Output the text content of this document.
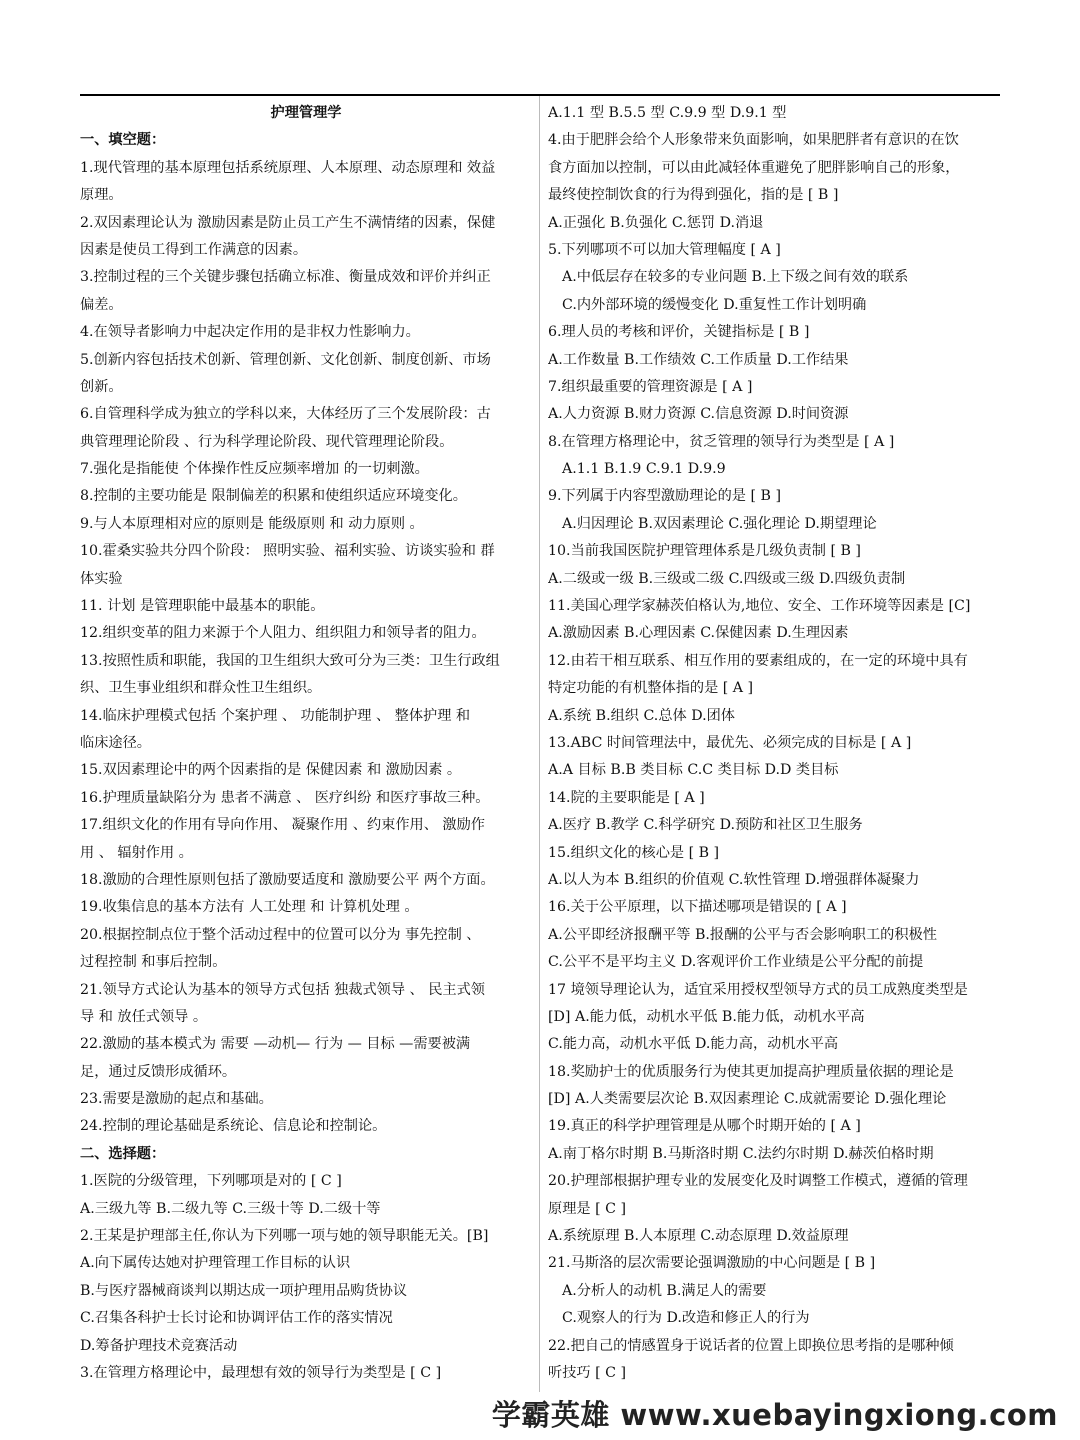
护理管理学
一、填空题：
1.现代管理的基本原理包括系统原理、人本原理、动态原理和 效益
原理。
2.双因素理论认为 激励因素是防止员工产生不满情绪的因素，保健
因素是使员工得到工作满意的因素。
3.控制过程的三个关键步骤包括确立标准、衡量成效和评价并纠正
偏差。
4.在领导者影响力中起决定作用的是非权力性影响力。
5.创新内容包括技术创新、管理创新、文化创新、制度创新、市场
创新。
6.自管理科学成为独立的学科以来，大体经历了三个发展阶段：古
典管理理论阶段 、行为科学理论阶段、现代管理理论阶段。
7.强化是指能使 个体操作性反应频率增加 的一切刺激。
8.控制的主要功能是 限制偏差的积累和使组织适应环境变化。
9.与人本原理相对应的原则是 能级原则 和 动力原则 。
10.霍桑实验共分四个阶段： 照明实验、福利实验、访谈实验和 群
体实验
11. 计划 是管理职能中最基本的职能。
12.组织变革的阻力来源于个人阻力、组织阻力和领导者的阻力。
13.按照性质和职能，我国的卫生组织大致可分为三类：卫生行政组
织、卫生事业组织和群众性卫生组织。
14.临床护理模式包括 个案护理 、 功能制护理 、 整体护理 和
临床途径。
15.双因素理论中的两个因素指的是 保健因素 和 激励因素 。
16.护理质量缺陷分为 患者不满意 、 医疗纠纷 和医疗事故三种。
17.组织文化的作用有导向作用、 凝聚作用 、约束作用、 激励作
用 、 辐射作用 。
18.激励的合理性原则包括了激励要适度和 激励要公平 两个方面。
19.收集信息的基本方法有 人工处理 和 计算机处理 。
20.根据控制点位于整个活动过程中的位置可以分为 事先控制 、
过程控制 和事后控制。
21.领导方式论认为基本的领导方式包括 独裁式领导 、 民主式领
导 和 放任式领导 。
22.激励的基本模式为 需要 —动机— 行为 — 目标 —需要被满
足，通过反馈形成循环。
23.需要是激励的起点和基础。
24.控制的理论基础是系统论、信息论和控制论。
二、选择题：
1.医院的分级管理，下列哪项是对的 [ C ]
A.三级九等 B.二级九等 C.三级十等 D.二级十等
2.王某是护理部主任,你认为下列哪一项与她的领导职能无关。[B]
A.向下属传达她对护理管理工作目标的认识
B.与医疗器械商谈判以期达成一项护理用品购货协议
C.召集各科护士长讨论和协调评估工作的落实情况
D.筹备护理技术竞赛活动
3.在管理方格理论中，最理想有效的领导行为类型是 [ C ]
A.1.1 型 B.5.5 型 C.9.9 型 D.9.1 型
4.由于肥胖会给个人形象带来负面影响，如果肥胖者有意识的在饮
食方面加以控制，可以由此减轻体重避免了肥胖影响自己的形象，
最终使控制饮食的行为得到强化，指的是 [ B ]
A.正强化 B.负强化 C.惩罚 D.消退
5.下列哪项不可以加大管理幅度 [ A ]
A.中低层存在较多的专业问题 B.上下级之间有效的联系
C.内外部环境的缓慢变化 D.重复性工作计划明确
6.理人员的考核和评价，关键指标是 [ B ]
A.工作数量 B.工作绩效 C.工作质量 D.工作结果
7.组织最重要的管理资源是 [ A ]
A.人力资源 B.财力资源 C.信息资源 D.时间资源
8.在管理方格理论中，贫乏管理的领导行为类型是 [ A ]
A.1.1 B.1.9 C.9.1 D.9.9
9.下列属于内容型激励理论的是 [ B ]
A.归因理论 B.双因素理论 C.强化理论 D.期望理论
10.当前我国医院护理管理体系是几级负责制 [ B ]
A.二级或一级 B.三级或二级 C.四级或三级 D.四级负责制
11.美国心理学家赫茨伯格认为,地位、安全、工作环境等因素是 [C]
A.激励因素 B.心理因素 C.保健因素 D.生理因素
12.由若干相互联系、相互作用的要素组成的，在一定的环境中具有
特定功能的有机整体指的是 [ A ]
A.系统 B.组织 C.总体 D.团体
13.ABC 时间管理法中，最优先、必须完成的目标是 [ A ]
A.A 目标 B.B 类目标 C.C 类目标 D.D 类目标
14.院的主要职能是 [ A ]
A.医疗 B.教学 C.科学研究 D.预防和社区卫生服务
15.组织文化的核心是 [ B ]
A.以人为本 B.组织的价值观 C.软性管理 D.增强群体凝聚力
16.关于公平原理，以下描述哪项是错误的 [ A ]
A.公平即经济报酬平等 B.报酬的公平与否会影响职工的积极性
C.公平不是平均主义 D.客观评价工作业绩是公平分配的前提
17 境领导理论认为，适宜采用授权型领导方式的员工成熟度类型是
[D] A.能力低，动机水平低 B.能力低，动机水平高
C.能力高，动机水平低 D.能力高，动机水平高
18.奖励护士的优质服务行为使其更加提高护理质量依据的理论是
[D] A.人类需要层次论 B.双因素理论 C.成就需要论 D.强化理论
19.真正的科学护理管理是从哪个时期开始的 [ A ]
A.南丁格尔时期 B.马斯洛时期 C.法约尔时期 D.赫茨伯格时期
20.护理部根据护理专业的发展变化及时调整工作模式，遵循的管理
原理是 [ C ]
A.系统原理 B.人本原理 C.动态原理 D.效益原理
21.马斯洛的层次需要论强调激励的中心问题是 [ B ]
A.分析人的动机 B.满足人的需要
C.观察人的行为 D.改造和修正人的行为
22.把自己的情感置身于说话者的位置上即换位思考指的是哪种倾
听技巧 [ C ]
学霸英雄 www.xuebayingxiong.com
